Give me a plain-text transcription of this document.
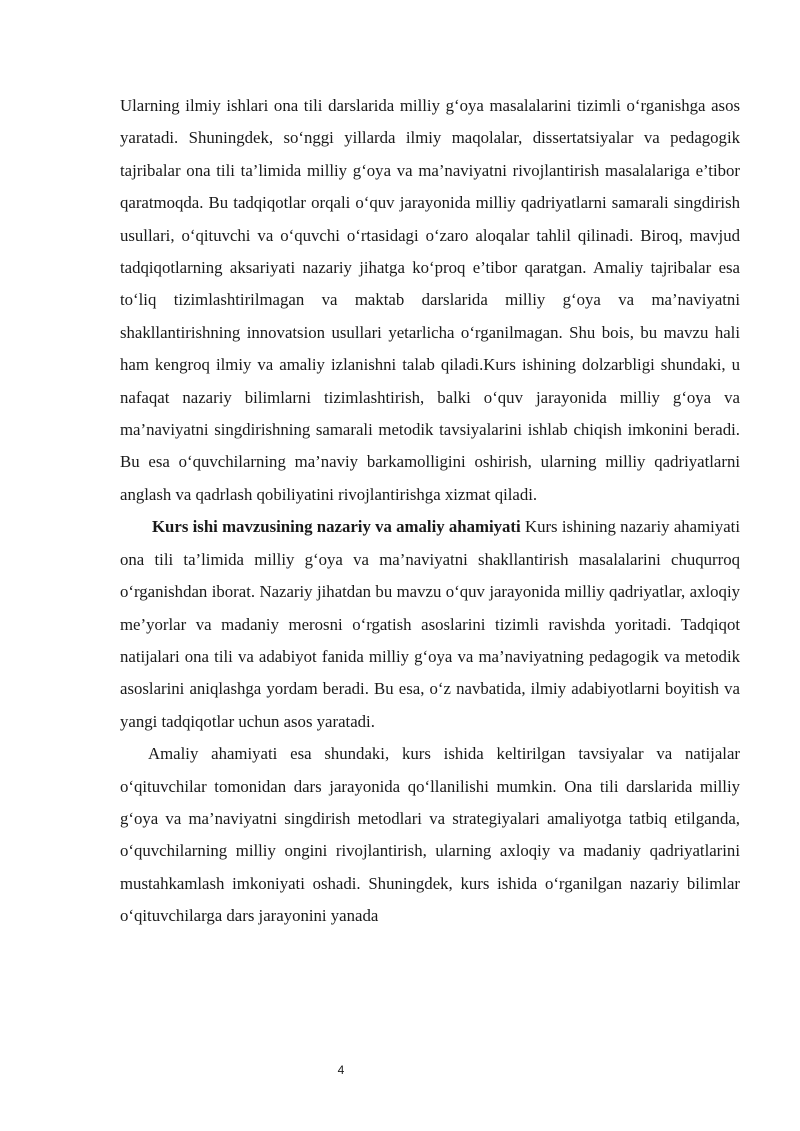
Ularning ilmiy ishlari ona tili darslarida milliy g‘oya masalalarini tizimli o‘rganishga asos yaratadi. Shuningdek, so‘nggi yillarda ilmiy maqolalar, dissertatsiyalar va pedagogik tajribalar ona tili ta’limida milliy g‘oya va ma’naviyatni rivojlantirish masalalariga e’tibor qaratmoqda. Bu tadqiqotlar orqali o‘quv jarayonida milliy qadriyatlarni samarali singdirish usullari, o‘qituvchi va o‘quvchi o‘rtasidagi o‘zaro aloqalar tahlil qilinadi. Biroq, mavjud tadqiqotlarning aksariyati nazariy jihatga ko‘proq e’tibor qaratgan. Amaliy tajribalar esa to‘liq tizimlashtirilmagan va maktab darslarida milliy g‘oya va ma’naviyatni shakllantirishning innovatsion usullari yetarlicha o‘rganilmagan. Shu bois, bu mavzu hali ham kengroq ilmiy va amaliy izlanishni talab qiladi.Kurs ishining dolzarbligi shundaki, u nafaqat nazariy bilimlarni tizimlashtirish, balki o‘quv jarayonida milliy g‘oya va ma’naviyatni singdirishning samarali metodik tavsiyalarini ishlab chiqish imkonini beradi. Bu esa o‘quvchilarning ma’naviy barkamolligini oshirish, ularning milliy qadriyatlarni anglash va qadrlash qobiliyatini rivojlantirishga xizmat qiladi.

Kurs ishi mavzusining nazariy va amaliy ahamiyati Kurs ishining nazariy ahamiyati ona tili ta’limida milliy g‘oya va ma’naviyatni shakllantirish masalalarini chuqurroq o‘rganishdan iborat. Nazariy jihatdan bu mavzu o‘quv jarayonida milliy qadriyatlar, axloqiy me’yorlar va madaniy merosni o‘rgatish asoslarini tizimli ravishda yoritadi. Tadqiqot natijalari ona tili va adabiyot fanida milliy g‘oya va ma’naviyatning pedagogik va metodik asoslarini aniqlashga yordam beradi. Bu esa, o‘z navbatida, ilmiy adabiyotlarni boyitish va yangi tadqiqotlar uchun asos yaratadi.

Amaliy ahamiyati esa shundaki, kurs ishida keltirilgan tavsiyalar va natijalar o‘qituvchilar tomonidan dars jarayonida qo‘llanilishi mumkin. Ona tili darslarida milliy g‘oya va ma’naviyatni singdirish metodlari va strategiyalari amaliyotga tatbiq etilganda, o‘quvchilarning milliy ongini rivojlantirish, ularning axloqiy va madaniy qadriyatlarini mustahkamlash imkoniyati oshadi. Shuningdek, kurs ishida o‘rganilgan nazariy bilimlar o‘qituvchilarga dars jarayonini yanada

4
